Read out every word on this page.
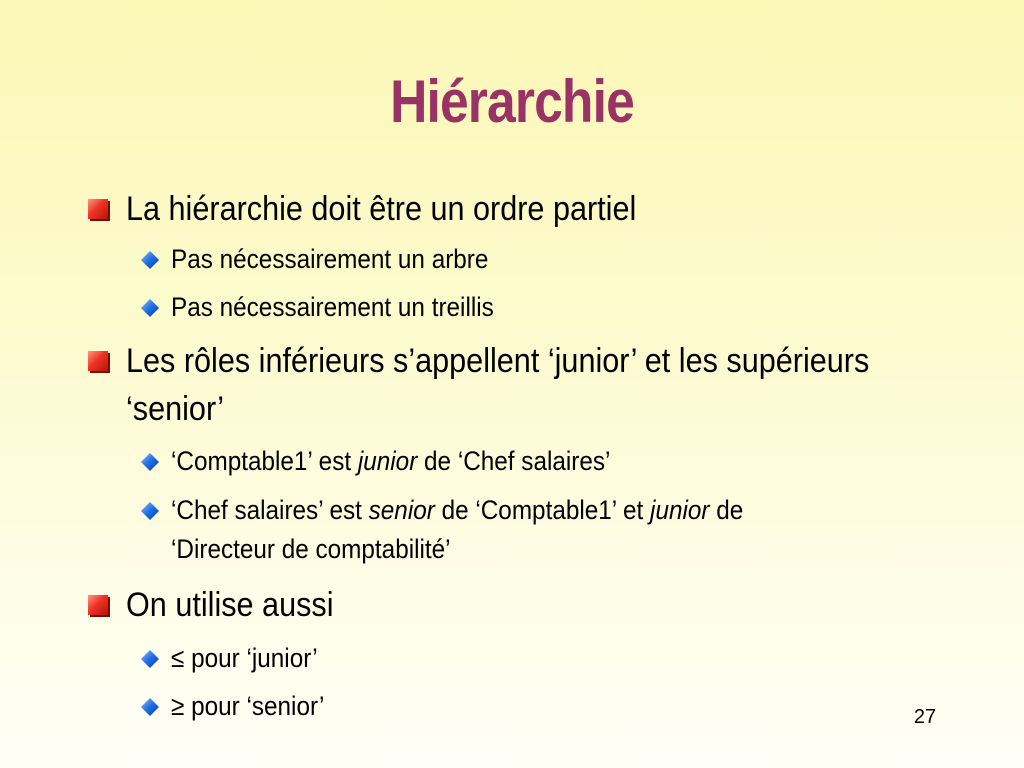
Hiérarchie
La hiérarchie doit être un ordre partiel
Pas nécessairement un arbre
Pas nécessairement un treillis
Les rôles inférieurs s’appellent ‘junior’ et les supérieurs
‘senior’
‘Comptable1’ est junior de ‘Chef salaires’
‘Chef salaires’ est senior de ‘Comptable1’ et junior de
‘Directeur de comptabilité’
On utilise aussi
≤ pour ‘junior’
≥ pour ‘senior’	27
